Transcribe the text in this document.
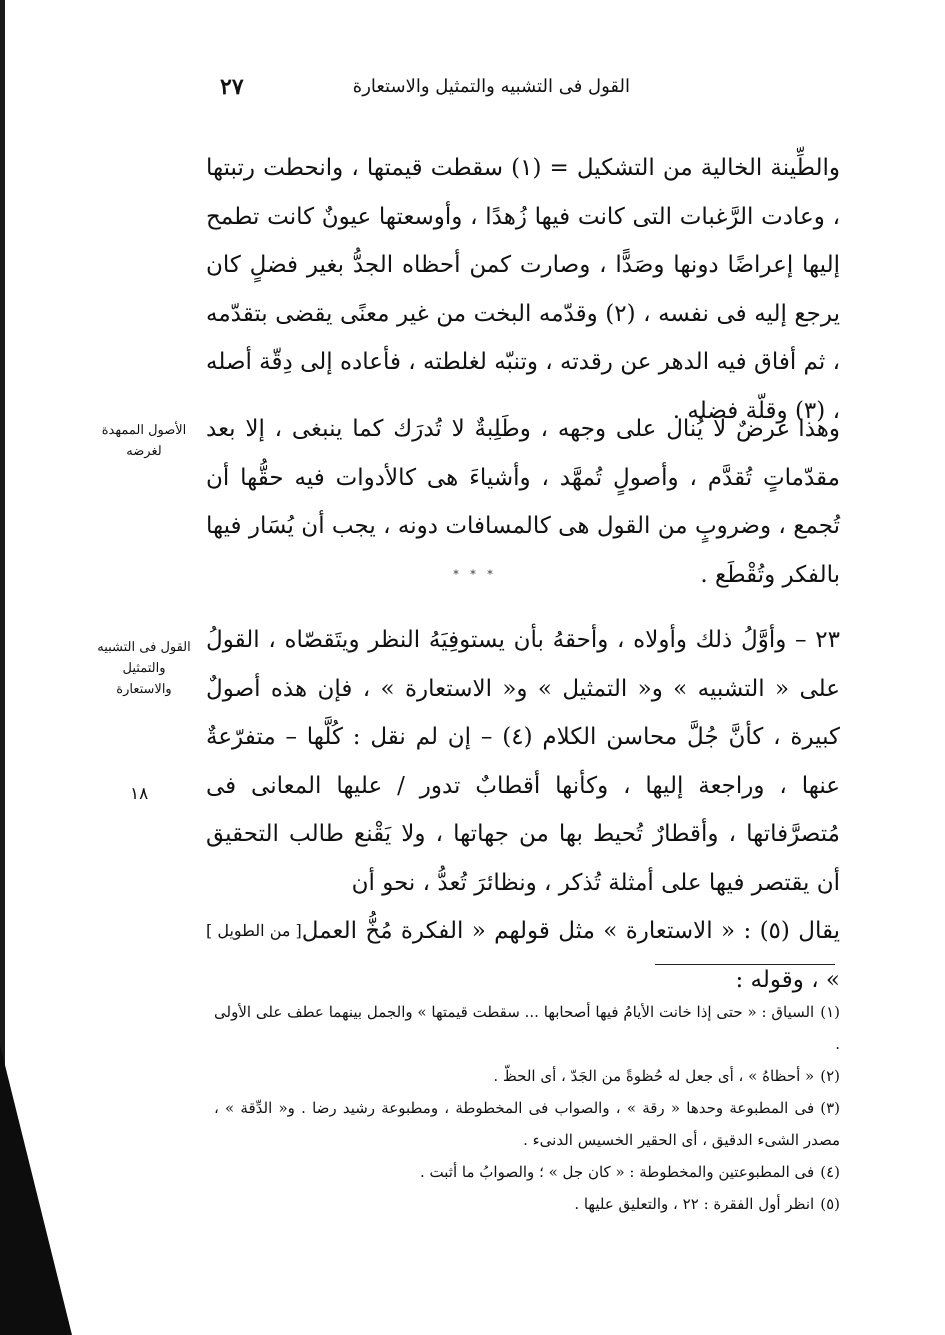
القول فى التشبيه والتمثيل والاستعارة
٢٧

والطِّينة الخالية من التشكيل = (١) سقطت قيمتها ، وانحطت رتبتها ، وعادت الرَّغبات التى كانت فيها زُهدًا ، وأوسعتها عيونٌ كانت تطمح إليها إعراضًا دونها وصَدًّا ، وصارت كمن أحظاه الجدُّ بغير فضلٍ كان يرجع إليه فى نفسه ، (٢) وقدّمه البخت من غير معنًى يقضى بتقدّمه ، ثم أفاق فيه الدهر عن رقدته ، وتنبّه لغلطته ، فأعاده إلى دِقّة أصله ، (٣) وقلّة فضله .

الأصول الممهدة لغرضه

وهذا غرضٌ لا يُنال على وجهه ، وطَلِبةٌ لا تُدرَك كما ينبغى ، إلا بعد مقدّماتٍ تُقدَّم ، وأصولٍ تُمهَّد ، وأشياءَ هى كالأدوات فيه حقُّها أن تُجمع ، وضروبٍ من القول هى كالمسافات دونه ، يجب أن يُسَار فيها بالفكر وتُقْطَع .

* * *
القول فى التشبيه والتمثيل والاستعارة
١٨

٢٣ – وأوَّلُ ذلك وأولاه ، وأحقهُ بأن يستوفِيَهُ النظر ويتَقصّاه ، القولُ على « التشبيه » و« التمثيل » و« الاستعارة » ، فإن هذه أصولٌ كبيرة ، كأنَّ جُلَّ محاسن الكلام (٤) – إن لم نقل : كُلَّها – متفرّعةٌ عنها ، وراجعة إليها ، وكأنها أقطابٌ تدور / عليها المعانى فى مُتصرَّفاتها ، وأقطارٌ تُحيط بها من جهاتها ، ولا يَقْنع طالب التحقيق أن يقتصر فيها على أمثلة تُذكر ، ونظائرَ تُعدُّ ، نحو أن

يقال (٥) : « الاستعارة » مثل قولهم « الفكرة مُخُّ العمل » ، وقوله :
[ من الطويل ]

(١)السياق : « حتى إذا خانت الأيامُ فيها أصحابها ... سقطت قيمتها » والجمل بينهما عطف على الأولى .

(٢)« أحظاهُ » ، أى جعل له حُظوةً من الجَدّ ، أى الحظّ .

(٣)فى المطبوعة وحدها « رقة » ، والصواب فى المخطوطة ، ومطبوعة رشيد رضا . و« الدِّقة » ، مصدر الشىء الدقيق ، أى الحقير الخسيس الدنىء .

(٤)فى المطبوعتين والمخطوطة : « كان جل » ؛ والصوابُ ما أثبت .

(٥)انظر أول الفقرة : ٢٢ ، والتعليق عليها .
